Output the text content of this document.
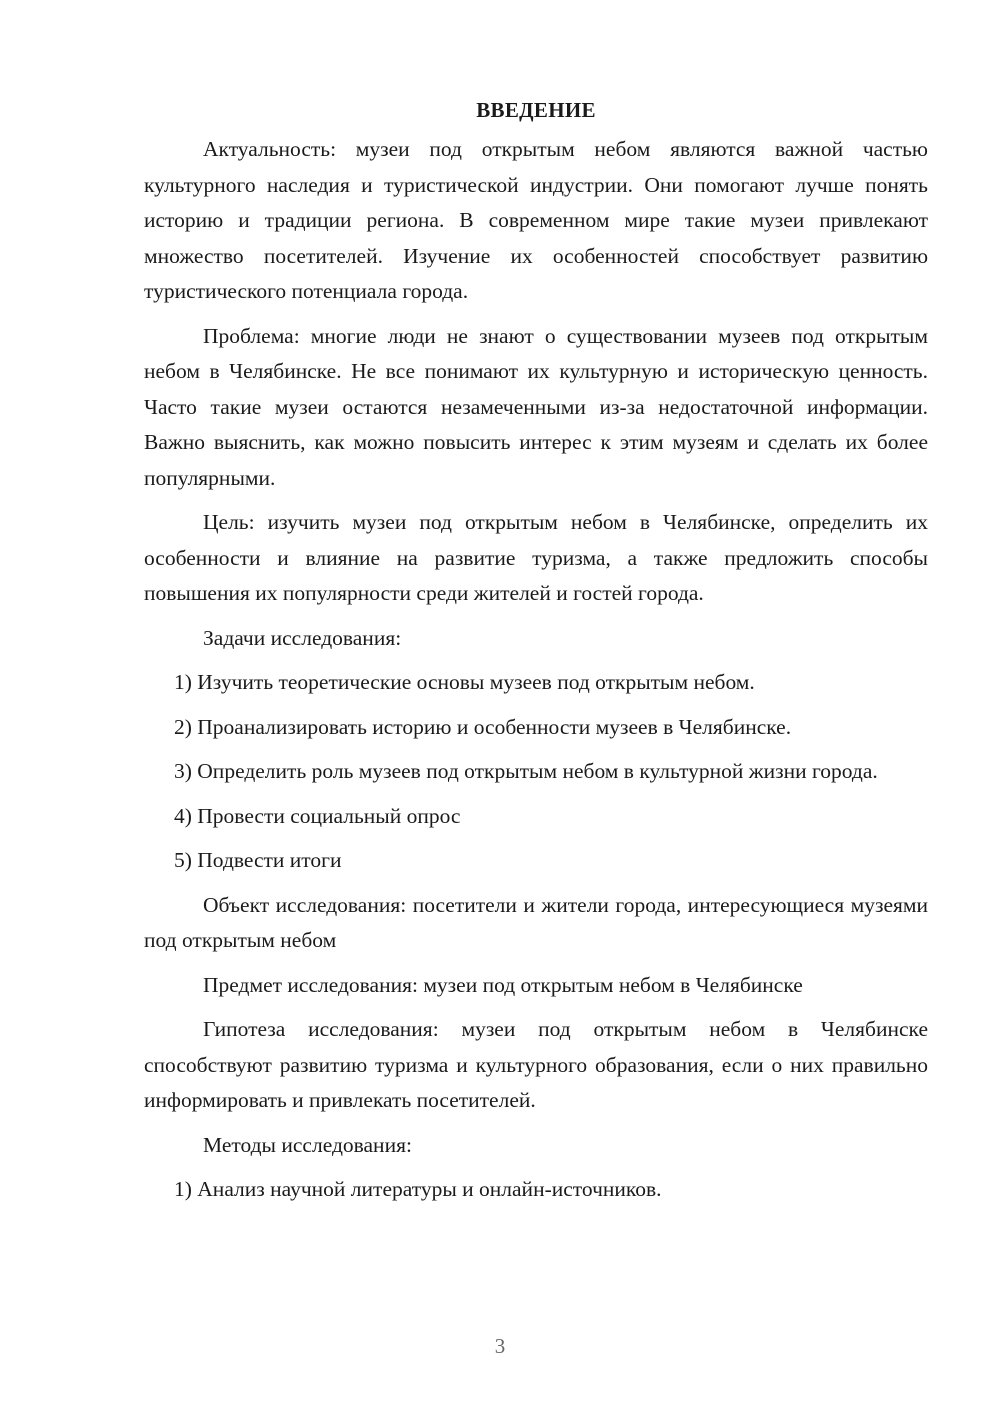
ВВЕДЕНИЕ

Актуальность: музеи под открытым небом являются важной частью культурного наследия и туристической индустрии. Они помогают лучше понять историю и традиции региона. В современном мире такие музеи привлекают множество посетителей. Изучение их особенностей способствует развитию туристического потенциала города.

Проблема: многие люди не знают о существовании музеев под открытым небом в Челябинске. Не все понимают их культурную и историческую ценность. Часто такие музеи остаются незамеченными из-за недостаточной информации. Важно выяснить, как можно повысить интерес к этим музеям и сделать их более популярными.

Цель: изучить музеи под открытым небом в Челябинске, определить их особенности и влияние на развитие туризма, а также предложить способы повышения их популярности среди жителей и гостей города.

Задачи исследования:

1) Изучить теоретические основы музеев под открытым небом.

2) Проанализировать историю и особенности музеев в Челябинске.

3) Определить роль музеев под открытым небом в культурной жизни города.

4) Провести социальный опрос

5) Подвести итоги

Объект исследования: посетители и жители города, интересующиеся музеями под открытым небом

Предмет исследования: музеи под открытым небом в Челябинске

Гипотеза исследования: музеи под открытым небом в Челябинске способствуют развитию туризма и культурного образования, если о них правильно информировать и привлекать посетителей.

Методы исследования:

1) Анализ научной литературы и онлайн-источников.

3
